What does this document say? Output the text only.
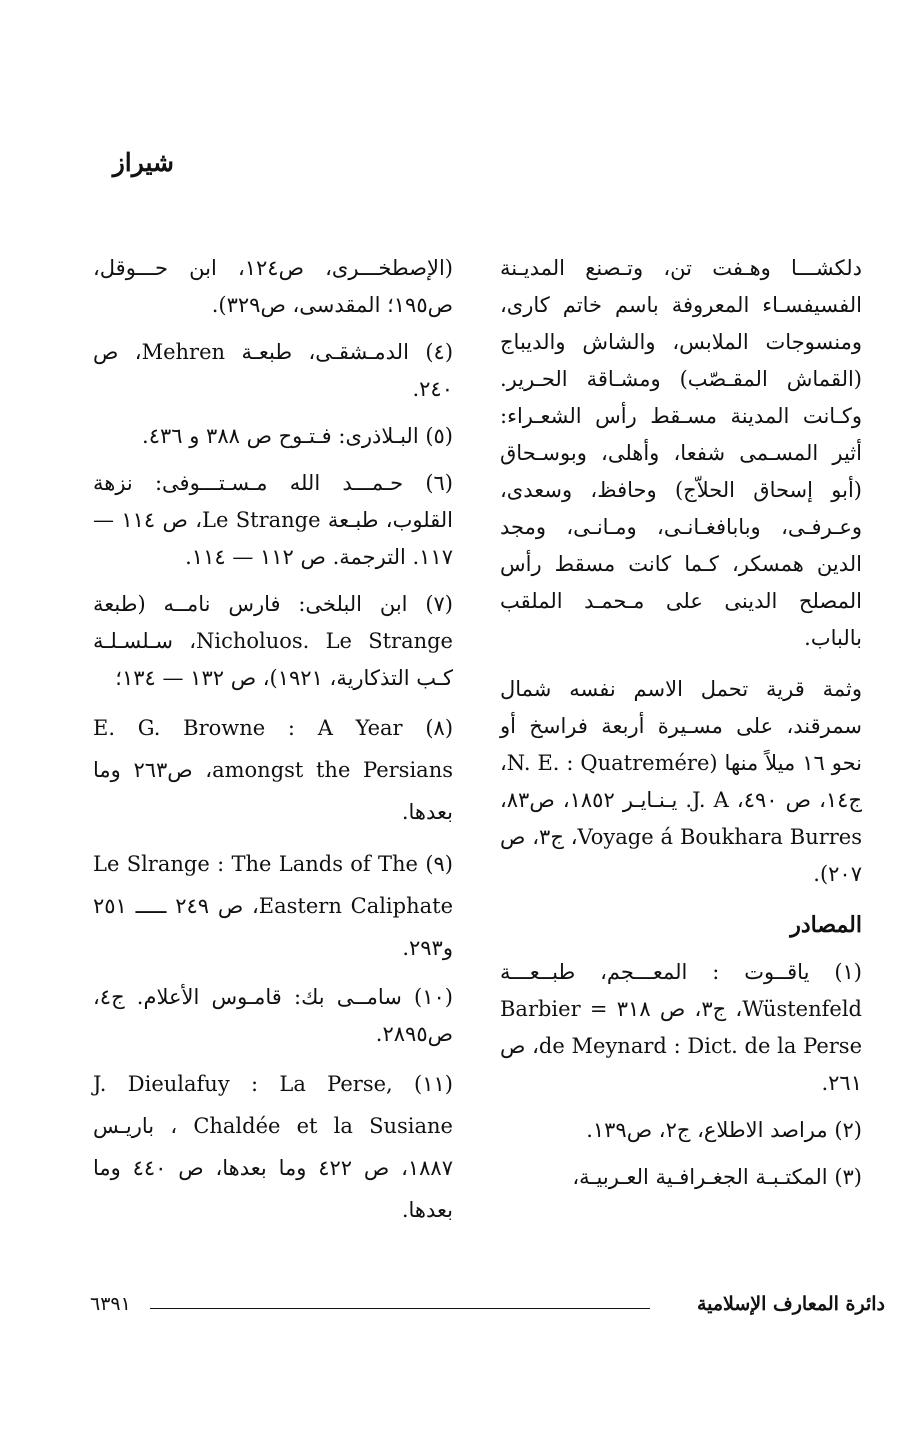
شيراز

دلكشـــا وهـفت تن، وتـصنع المديـنة الفسيفسـاء المعروفة باسم خاتم كارى، ومنسوجات الملابس، والشاش والديباج (القماش المقـصّب) ومشـاقة الحـرير. وكـانت المدينة مسـقط رأس الشعـراء: أثير المسـمى شفعا، وأهلى، وبوسـحاق (أبو إسحاق الحلاّج) وحافظ، وسعدى، وعـرفـى، وباباف‍غـانـى، ومـانـى، ومجد الدين همسكر، كـما كانت مسقط رأس المصلح الدينى على مـحمـد الملقب بالباب.

وثمة قرية تحمل الاسم نفسه شمال سمرقند، على مسـيرة أربعة فراسخ أو نحو ١٦ ميلاً منها (N. E. : Quatremére، ج١٤، ص ٤٩٠، J. A. يـنـايـر ١٨٥٢، ص٨٣، Voyage á Boukhara Burres، ج٣، ص ٢٠٧).

المصادر

(١) ياقــوت : المعـــجم، طبــعـــة Wüstenfeld، ج٣، ص ٣١٨ = Barbier de Meynard : Dict. de la Perse، ص ٢٦١.

(٢) مراصد الاطلاع، ج٢، ص١٣٩.

(٣) المكتـبـة الجغـرافـية العـربيـة،

(الإصطخـــرى، ص١٢٤، ابن حـــوقل، ص١٩٥؛ المقدسى، ص٣٢٩).

(٤) الدمـشقـى، طبعـة Mehren، ص ٢٤٠.

(٥) البـلاذرى: فـتـوح ص ٣٨٨ و ٤٣٦.

(٦) حـمـــد الله مـسـتـــوفى: نزهة القلوب، طبـعة Le Strange، ص ١١٤ — ١١٧. الترجمة. ص ١١٢ — ١١٤.

(٧) ابن البلخى: فارس نامــه (طبعة Nicholuos. Le Strange، سـلسـلـة كـب التذكارية، ١٩٢١)، ص ١٣٢ — ١٣٤؛

(٨) E. G. Browne : A Year amongst the Persians، ص٢٦٣ وما بعدها.

(٩) Le Slrange : The Lands of The Eastern Caliphate، ص ٢٤٩ ـــــ ٢٥١ و٢٩٣.

(١٠) سامــى بك: قامـوس الأعلام. ج٤، ص٢٨٩٥.

(١١) J. Dieulafuy : La Perse, Chaldée et la Susiane ، باريـس ١٨٨٧، ص ٤٢٢ وما بعدها، ص ٤٤٠ وما بعدها.

دائرة المعارف الإسلامية
٦٣٩١
